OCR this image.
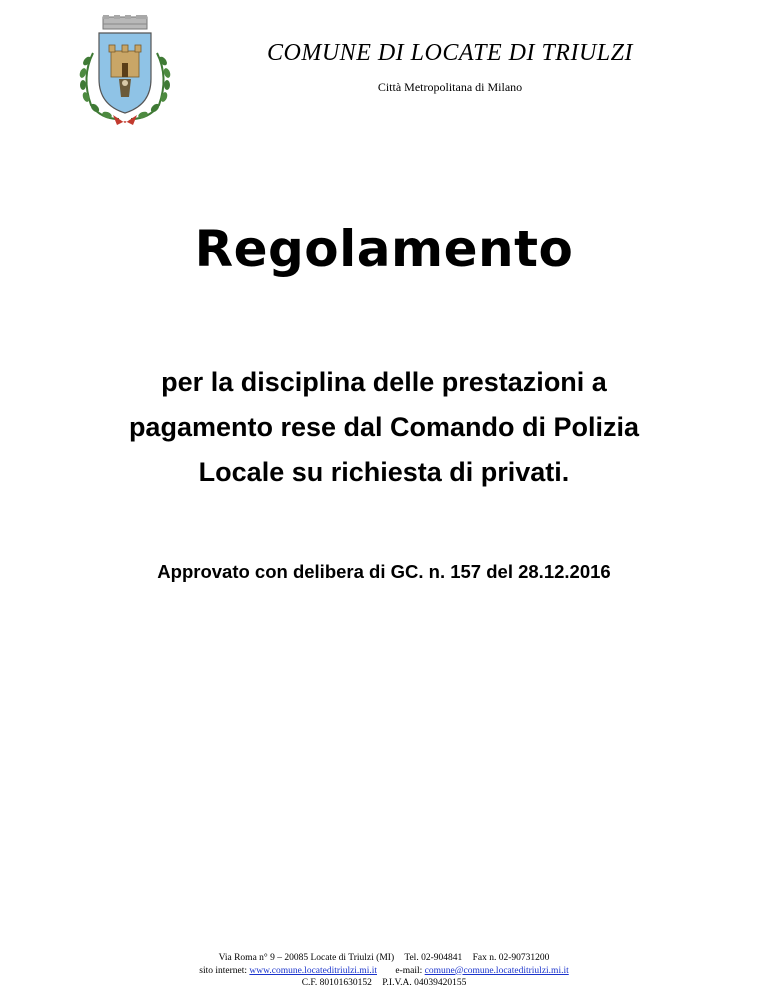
COMUNE DI LOCATE DI TRIULZI
Città Metropolitana di Milano
Regolamento
per la disciplina delle prestazioni a
pagamento rese dal Comando di Polizia
Locale su richiesta di privati.
Approvato con delibera di GC. n. 157 del 28.12.2016
Via Roma n° 9 – 20085 Locate di Triulzi (MI) Tel. 02-904841 Fax n. 02-90731200
sito internet: www.comune.locateditriulzi.mi.it e-mail: comune@comune.locateditriulzi.mi.it
C.F. 80101630152 P.I.V.A. 04039420155
